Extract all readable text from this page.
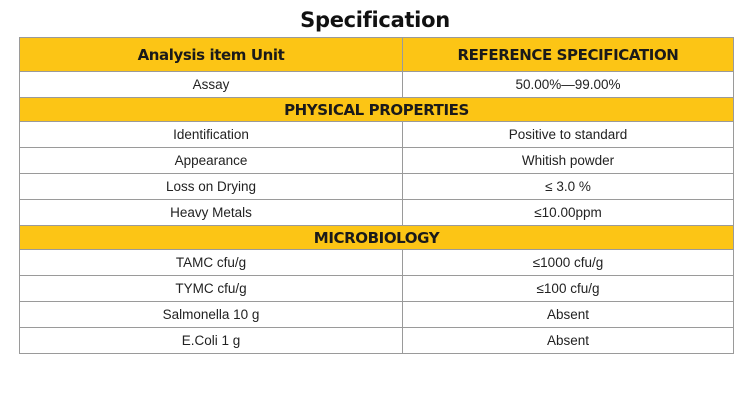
Specification
Analysis item Unit	REFERENCE SPECIFICATION
Assay	50.00%—99.00%
PHYSICAL PROPERTIES	
Identification	Positive to standard
Appearance	Whitish powder
Loss on Drying	≤ 3.0 %
Heavy Metals	≤10.00ppm
MICROBIOLOGY	
TAMC cfu/g	≤1000 cfu/g
TYMC cfu/g	≤100 cfu/g
Salmonella 10 g	Absent
E.Coli 1 g	Absent
